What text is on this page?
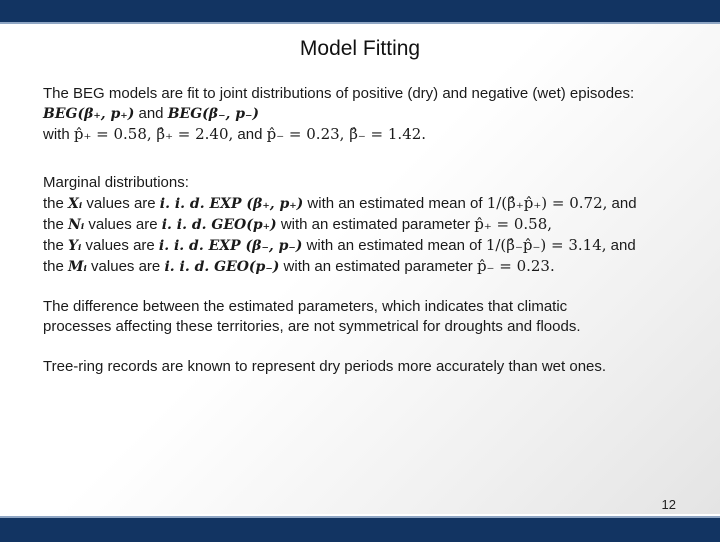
Model Fitting
The BEG models are fit to joint distributions of positive (dry) and negative (wet) episodes:
𝑩𝑬𝑮(𝜷₊, 𝒑₊) and 𝑩𝑬𝑮(𝜷₋, 𝒑₋)
with p̂₊ = 0.58, β̂₊ = 2.40, and p̂₋ = 0.23, β̂₋ = 1.42.
Marginal distributions:
the 𝑿ᵢ values are 𝒊. 𝒊. 𝒅. 𝑬𝑿𝑷 (𝜷₊, 𝒑₊) with an estimated mean of 1/(β̂₊p̂₊) = 0.72, and
the 𝑵ᵢ values are 𝒊. 𝒊. 𝒅. 𝑮𝑬𝑶(𝒑₊) with an estimated parameter p̂₊ = 0.58,
the 𝒀ᵢ values are 𝒊. 𝒊. 𝒅. 𝑬𝑿𝑷 (𝜷₋, 𝒑₋) with an estimated mean of 1/(β̂₋p̂₋) = 3.14, and
the 𝑴ᵢ values are 𝒊. 𝒊. 𝒅. 𝑮𝑬𝑶(𝒑₋) with an estimated parameter p̂₋ = 0.23.
The difference between the estimated parameters, which indicates that climatic
processes affecting these territories, are not symmetrical for droughts and floods.
Tree-ring records are known to represent dry periods more accurately than wet ones.
12
